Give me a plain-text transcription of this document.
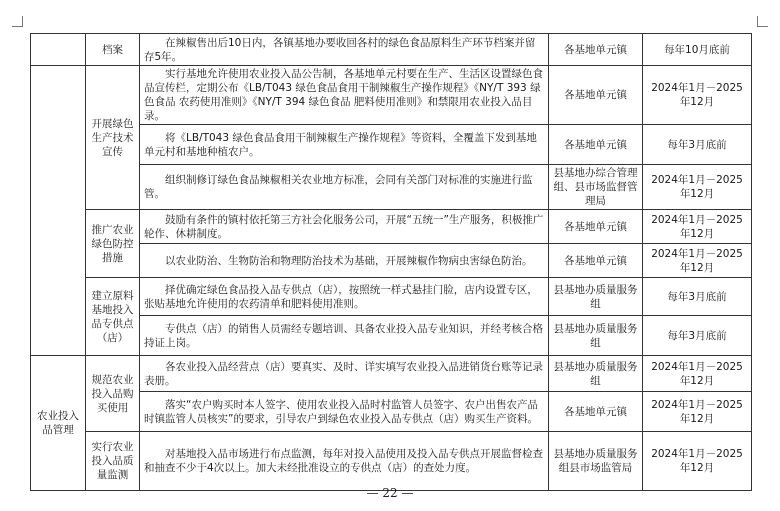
	档案	在辣椒售出后10日内，各镇基地办要收回各村的绿色食品原料生产环节档案并留存5年。	各基地单元镇	每年10月底前
	开展绿色生产技术宣传	实行基地允许使用农业投入品公告制，各基地单元村要在生产、生活区设置绿色食品宣传栏，定期公布《LB/T043 绿色食品食用干制辣椒生产操作规程》《NY/T 393 绿色食品 农药使用准则》《NY/T 394 绿色食品 肥料使用准则》和禁限用农业投入品目录。	各基地单元镇	2024年1月－2025年12月
		将《LB/T043 绿色食品食用干制辣椒生产操作规程》等资料，全覆盖下发到基地单元村和基地种植农户。	各基地单元镇	每年3月底前
		组织制修订绿色食品辣椒相关农业地方标准，会同有关部门对标准的实施进行监管。	县基地办综合管理组、县市场监督管理局	2024年1月－2025年12月
	推广农业绿色防控措施	鼓励有条件的镇村依托第三方社会化服务公司，开展“五统一”生产服务，积极推广轮作、休耕制度。	各基地单元镇	2024年1月－2025年12月
		以农业防治、生物防治和物理防治技术为基础，开展辣椒作物病虫害绿色防治。	各基地单元镇	2024年1月－2025年12月
	建立原料基地投入品专供点（店）	择优确定绿色食品投入品专供点（店），按照统一样式悬挂门脸，店内设置专区，张贴基地允许使用的农药清单和肥料使用准则。	县基地办质量服务组	每年3月底前
		专供点（店）的销售人员需经专题培训、具备农业投入品专业知识，并经考核合格持证上岗。	县基地办质量服务组	每年3月底前
农业投入品管理	规范农业投入品购买使用	各农业投入品经营点（店）要真实、及时、详实填写农业投入品进销货台账等记录表册。	县基地办质量服务组	2024年1月－2025年12月
		落实“农户购买时本人签字、使用农业投入品时村监管人员签字、农户出售农产品时镇监管人员核实”的要求，引导农户到绿色农业投入品专供点（店）购买生产资料。	各基地单元镇	2024年1月－2025年12月
	实行农业投入品质量监测	对基地投入品市场进行布点监测，每年对投入品使用及投入品专供点开展监督检查和抽查不少于4次以上。加大未经批准设立的专供点（店）的查处力度。	县基地办质量服务组县市场监管局	2024年1月－2025年12月
— 22 —
